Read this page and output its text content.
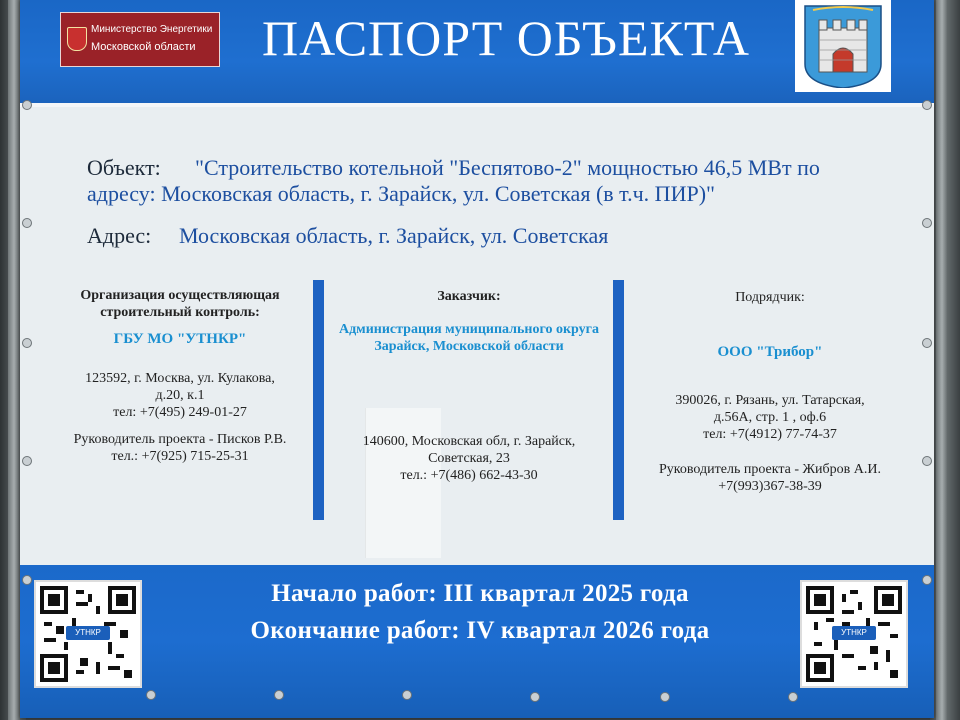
Министерство Энергетики
Московской области	ПАСПОРТ ОБЪЕКТА
Объект: "Строительство котельной "Беспятово-2" мощностью 46,5 МВт по
адресу: Московская область, г. Зарайск, ул. Советская (в т.ч. ПИР)"
Адрес: Московская область, г. Зарайск, ул. Советская
Организация осуществляющая
строительный контроль:
ГБУ МО "УТНКР"
123592, г. Москва, ул. Кулакова,
д.20, к.1
тел: +7(495) 249-01-27
Руководитель проекта - Писков Р.В.
тел.: +7(925) 715-25-31
Заказчик:
Администрация муниципального округа
Зарайск, Московской области
140600, Московская обл, г. Зарайск,
Советская, 23
тел.: +7(486) 662-43-30
Подрядчик:
ООО "Трибор"
390026, г. Рязань, ул. Татарская,
д.56А, стр. 1 , оф.6
тел: +7(4912) 77-74-37
Руководитель проекта - Жибров А.И.
+7(993)367-38-39
УТНКР
Начало работ: III квартал 2025 года
Окончание работ: IV квартал 2026 года	УТНКР
